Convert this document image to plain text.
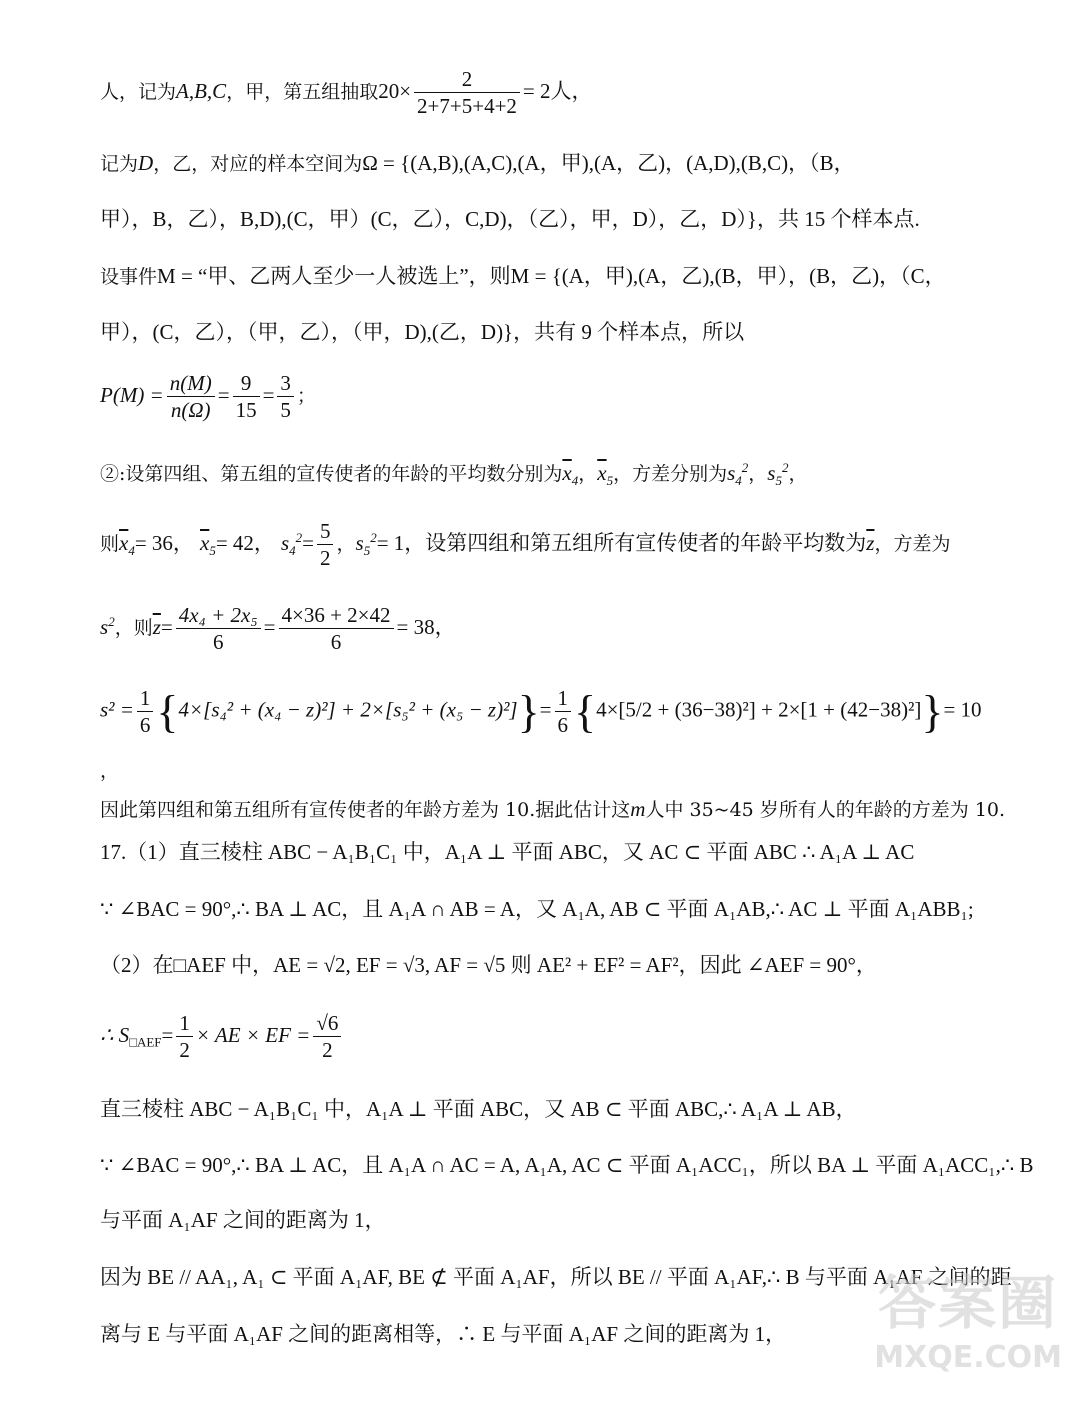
人，记为A,B,C，甲，第五组抽取$20\times \frac{2}{2+7+5+4+2} = 2$人，
记为D，乙，对应的样本空间为Ω = {(A,B),(A,C),(A，甲),(A，乙)，(A,D),(B,C)，（B，
甲），B，乙），B,D),(C，甲）(C，乙），C,D)，（乙），甲，D），乙，D）}，共 15 个样本点.
设事件M = “甲、乙两人至少一人被选上”，则M = {(A，甲),(A，乙),(B，甲），(B，乙)，（C，
甲），(C，乙），（甲，乙），（甲，D),(乙，D)}，共有 9 个样本点，所以
$P(M) = \frac{n(M)}{n(\Omega)} = \frac{9}{15} = \frac{3}{5}$ ；
②:设第四组、第五组的宣传使者的年龄的平均数分别为$\overline{x}_4$，$\overline{x}_5$，方差分别为$s_4^2$，$s_5^2$，
则$\overline{x}_4= 36$， $\overline{x}_5= 42$， $s_4^2= \frac{5}{2}$ ，$s_5^2= 1$，设第四组和第五组所有宣传使者的年龄平均数为$\overline{z}$，方差为
$s^2$，则$\overline{z}= \frac{\text{4x₄ + 2x₅}}{6} = \frac{4\times 36 + 2\times 42}{6} = 38$，
$s^2 = \frac{1}{6} \{4\times[s_4^2 + (x_4 - z)^2] + 2\times[s_5^2 + (x_5 - z)^2]\}= \frac{1}{6} \{4\times[5/2 + (36-38)^2] + 2\times[1 + (42-38)^2]\}= 10$
，
因此第四组和第五组所有宣传使者的年龄方差为 10.据此估计这m人中 35~45 岁所有人的年龄的方差为 10.
17.（1）直三棱柱 ABC − A₁B₁C₁ 中，A₁A ⊥ 平面 ABC，又 AC ⊂ 平面 ABC ∴ A₁A ⊥ AC
∵ ∠BAC = 90°,∴ BA ⊥ AC，且 A₁A ∩ AB = A，又 A₁A, AB ⊂ 平面 A₁AB,∴ AC ⊥ 平面 A₁ABB₁;
（2）在□AEF 中，AE = √2, EF = √3, AF = √5 则 AE² + EF² = AF²，因此 ∠AEF = 90°，
∴ $S_{□AEF}= \frac{1}{2}$ × AE × EF = $\frac{√6}{2}$
直三棱柱 ABC − A₁B₁C₁ 中，A₁A ⊥ 平面 ABC，又 AB ⊂ 平面 ABC,∴ A₁A ⊥ AB，
∵ ∠BAC = 90°,∴ BA ⊥ AC，且 A₁A ∩ AC = A, A₁A, AC ⊂ 平面 A₁ACC₁，所以 BA ⊥ 平面 A₁ACC₁,∴ B
与平面 A₁AF 之间的距离为 1，
因为 BE // AA₁, A₁ ⊂ 平面 A₁AF, BE ⊄ 平面 A₁AF，所以 BE // 平面 A₁AF,∴ B 与平面 A₁AF 之间的距
离与 E 与平面 A₁AF 之间的距离相等，∴ E 与平面 A₁AF 之间的距离为 1， 答案圈
MXQE.COM
